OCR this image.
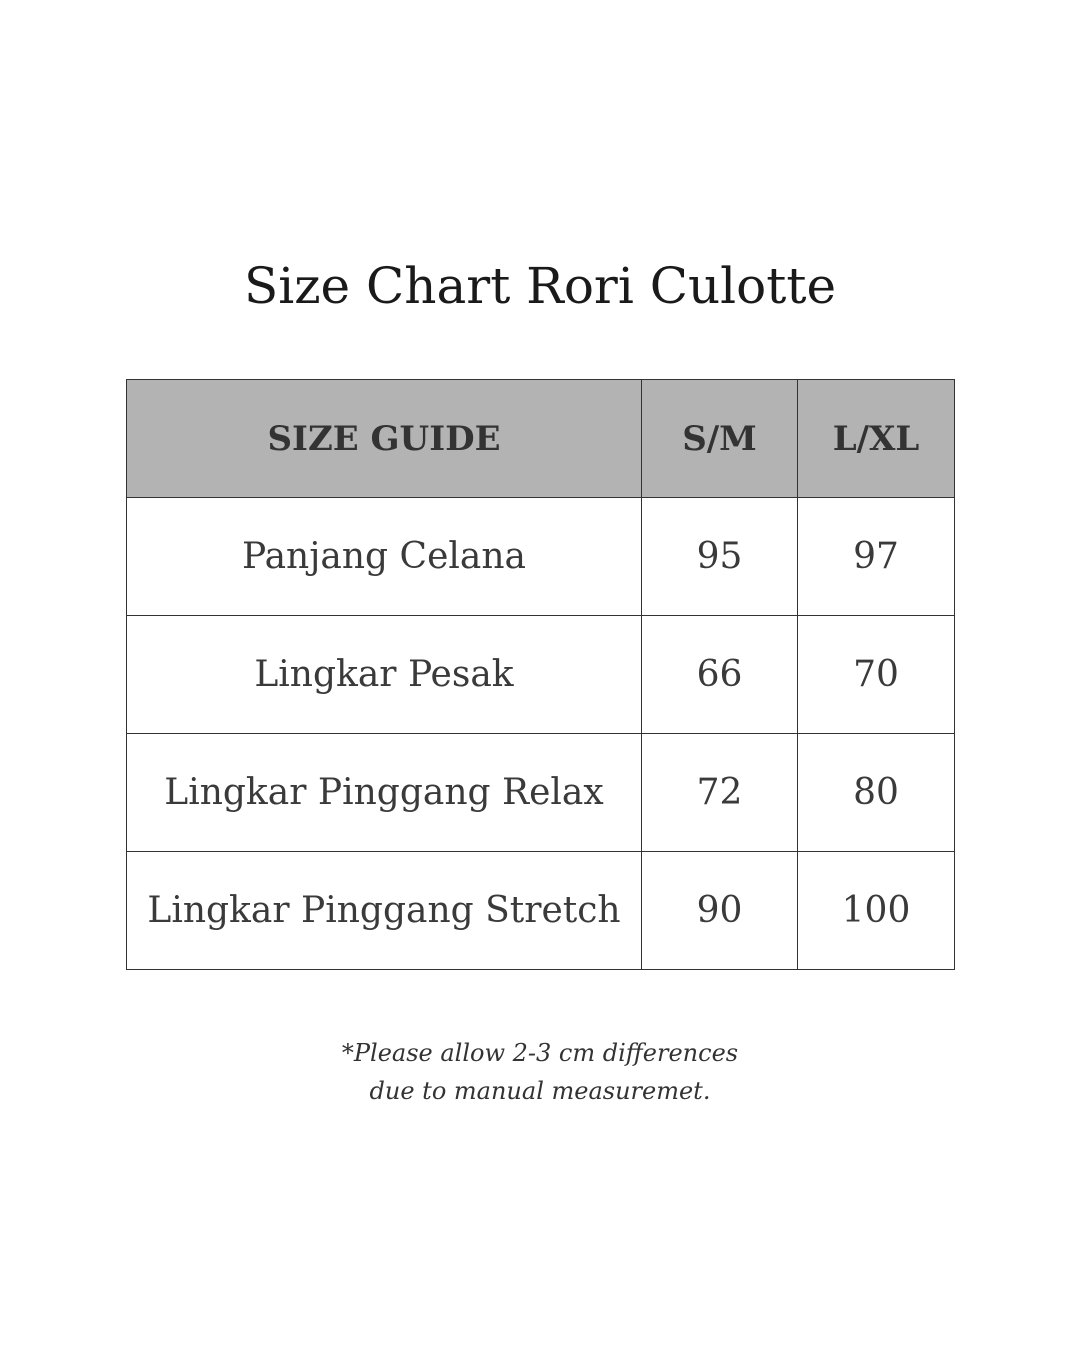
Size Chart Rori Culotte
SIZE GUIDE	S/M	L/XL
Panjang Celana	95	97
Lingkar Pesak	66	70
Lingkar Pinggang Relax	72	80
Lingkar Pinggang Stretch	90	100
*Please allow 2-3 cm differences
due to manual measuremet.
